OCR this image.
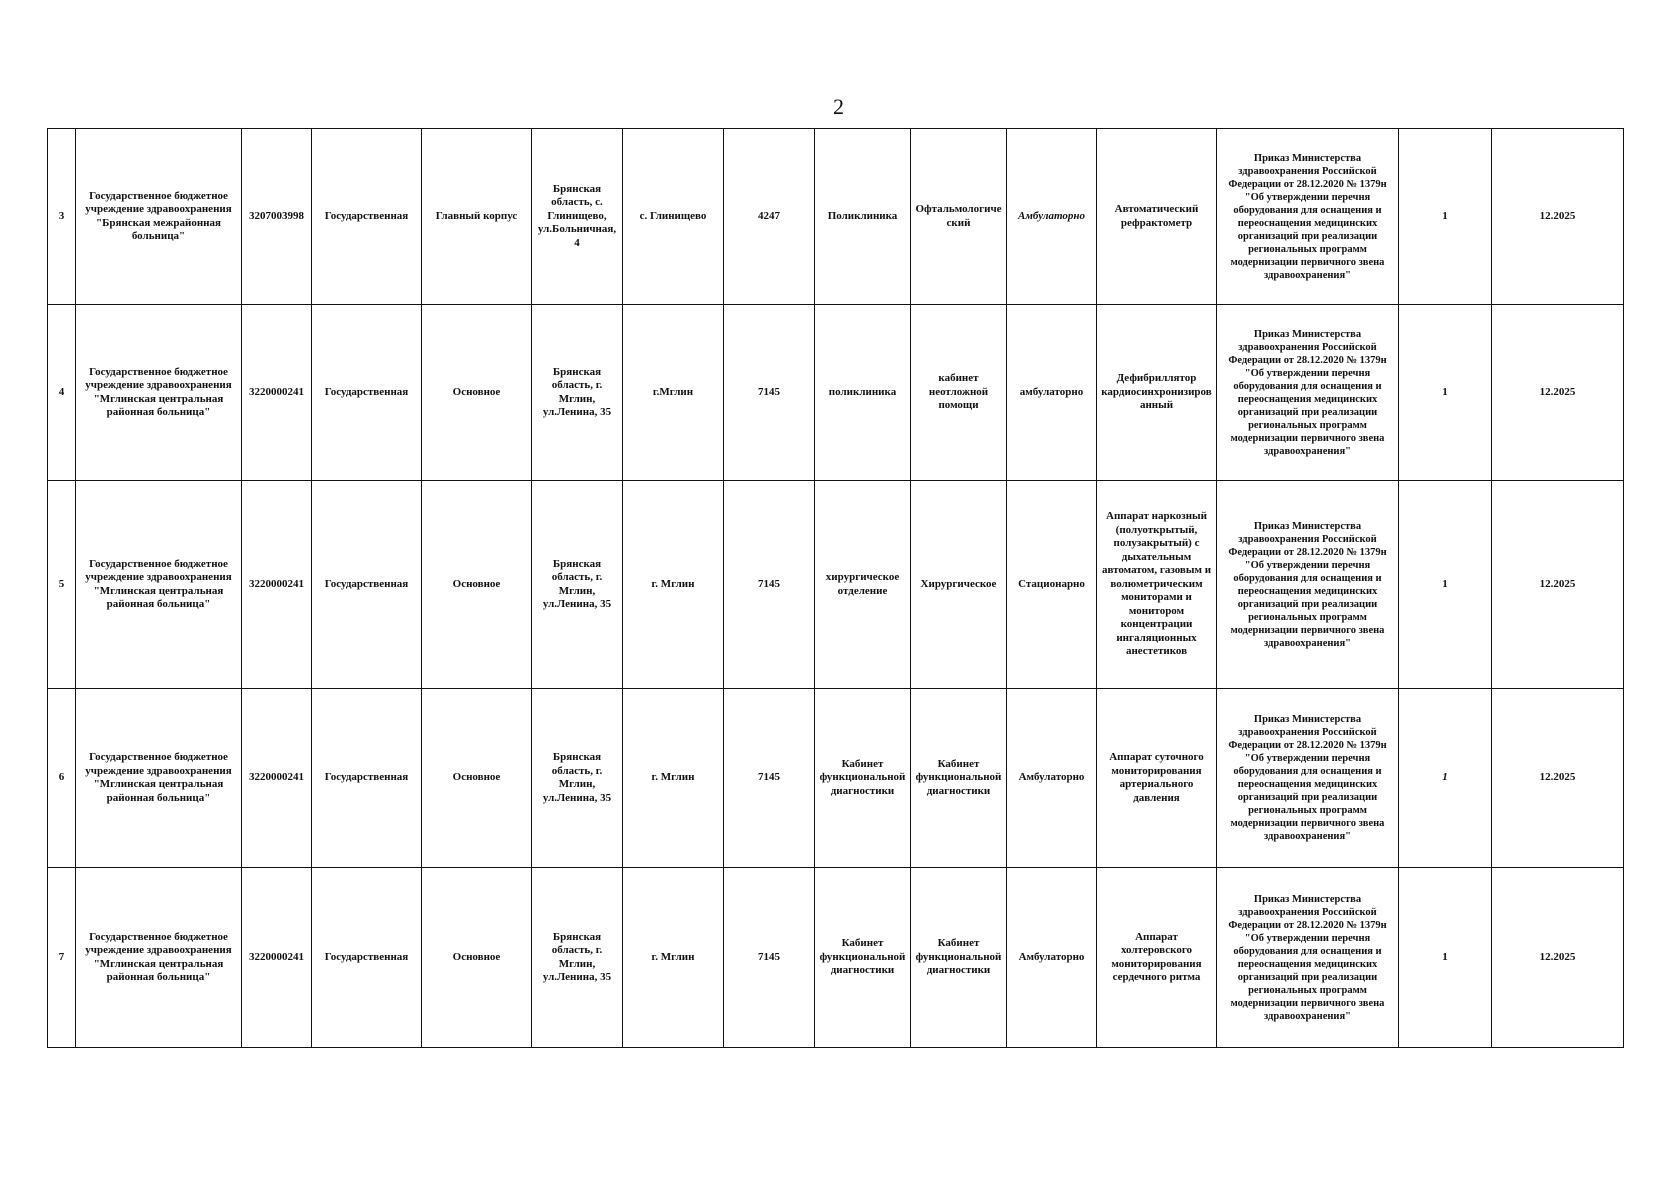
2
3	Государственное бюджетное учреждение здравоохранения "Брянская межрайонная больница"	3207003998	Государственная	Главный корпус	Брянская область, с. Глинищево, ул.Больничная, 4	с. Глинищево	4247	Поликлиника	Офтальмологический	Амбулаторно	Автоматический рефрактометр	Приказ Министерства здравоохранения Российской Федерации от 28.12.2020 № 1379н "Об утверждении перечня оборудования для оснащения и переоснащения медицинских организаций при реализации региональных программ модернизации первичного звена здравоохранения"	1	12.2025
4	Государственное бюджетное учреждение здравоохранения "Мглинская центральная районная больница"	3220000241	Государственная	Основное	Брянская область, г. Мглин, ул.Ленина, 35	г.Мглин	7145	поликлиника	кабинет неотложной помощи	амбулаторно	Дефибриллятор кардиосинхронизированный	Приказ Министерства здравоохранения Российской Федерации от 28.12.2020 № 1379н "Об утверждении перечня оборудования для оснащения и переоснащения медицинских организаций при реализации региональных программ модернизации первичного звена здравоохранения"	1	12.2025
5	Государственное бюджетное учреждение здравоохранения "Мглинская центральная районная больница"	3220000241	Государственная	Основное	Брянская область, г. Мглин, ул.Ленина, 35	г. Мглин	7145	хирургическое отделение	Хирургическое	Стационарно	Аппарат наркозный (полуоткрытый, полузакрытый) с дыхательным автоматом, газовым и волюметрическим мониторами и монитором концентрации ингаляционных анестетиков	Приказ Министерства здравоохранения Российской Федерации от 28.12.2020 № 1379н "Об утверждении перечня оборудования для оснащения и переоснащения медицинских организаций при реализации региональных программ модернизации первичного звена здравоохранения"	1	12.2025
6	Государственное бюджетное учреждение здравоохранения "Мглинская центральная районная больница"	3220000241	Государственная	Основное	Брянская область, г. Мглин, ул.Ленина, 35	г. Мглин	7145	Кабинет функциональной диагностики	Кабинет функциональной диагностики	Амбулаторно	Аппарат суточного мониторирования артериального давления	Приказ Министерства здравоохранения Российской Федерации от 28.12.2020 № 1379н "Об утверждении перечня оборудования для оснащения и переоснащения медицинских организаций при реализации региональных программ модернизации первичного звена здравоохранения"	1	12.2025
7	Государственное бюджетное учреждение здравоохранения "Мглинская центральная районная больница"	3220000241	Государственная	Основное	Брянская область, г. Мглин, ул.Ленина, 35	г. Мглин	7145	Кабинет функциональной диагностики	Кабинет функциональной диагностики	Амбулаторно	Аппарат холтеровского мониторирования сердечного ритма	Приказ Министерства здравоохранения Российской Федерации от 28.12.2020 № 1379н "Об утверждении перечня оборудования для оснащения и переоснащения медицинских организаций при реализации региональных программ модернизации первичного звена здравоохранения"	1	12.2025
